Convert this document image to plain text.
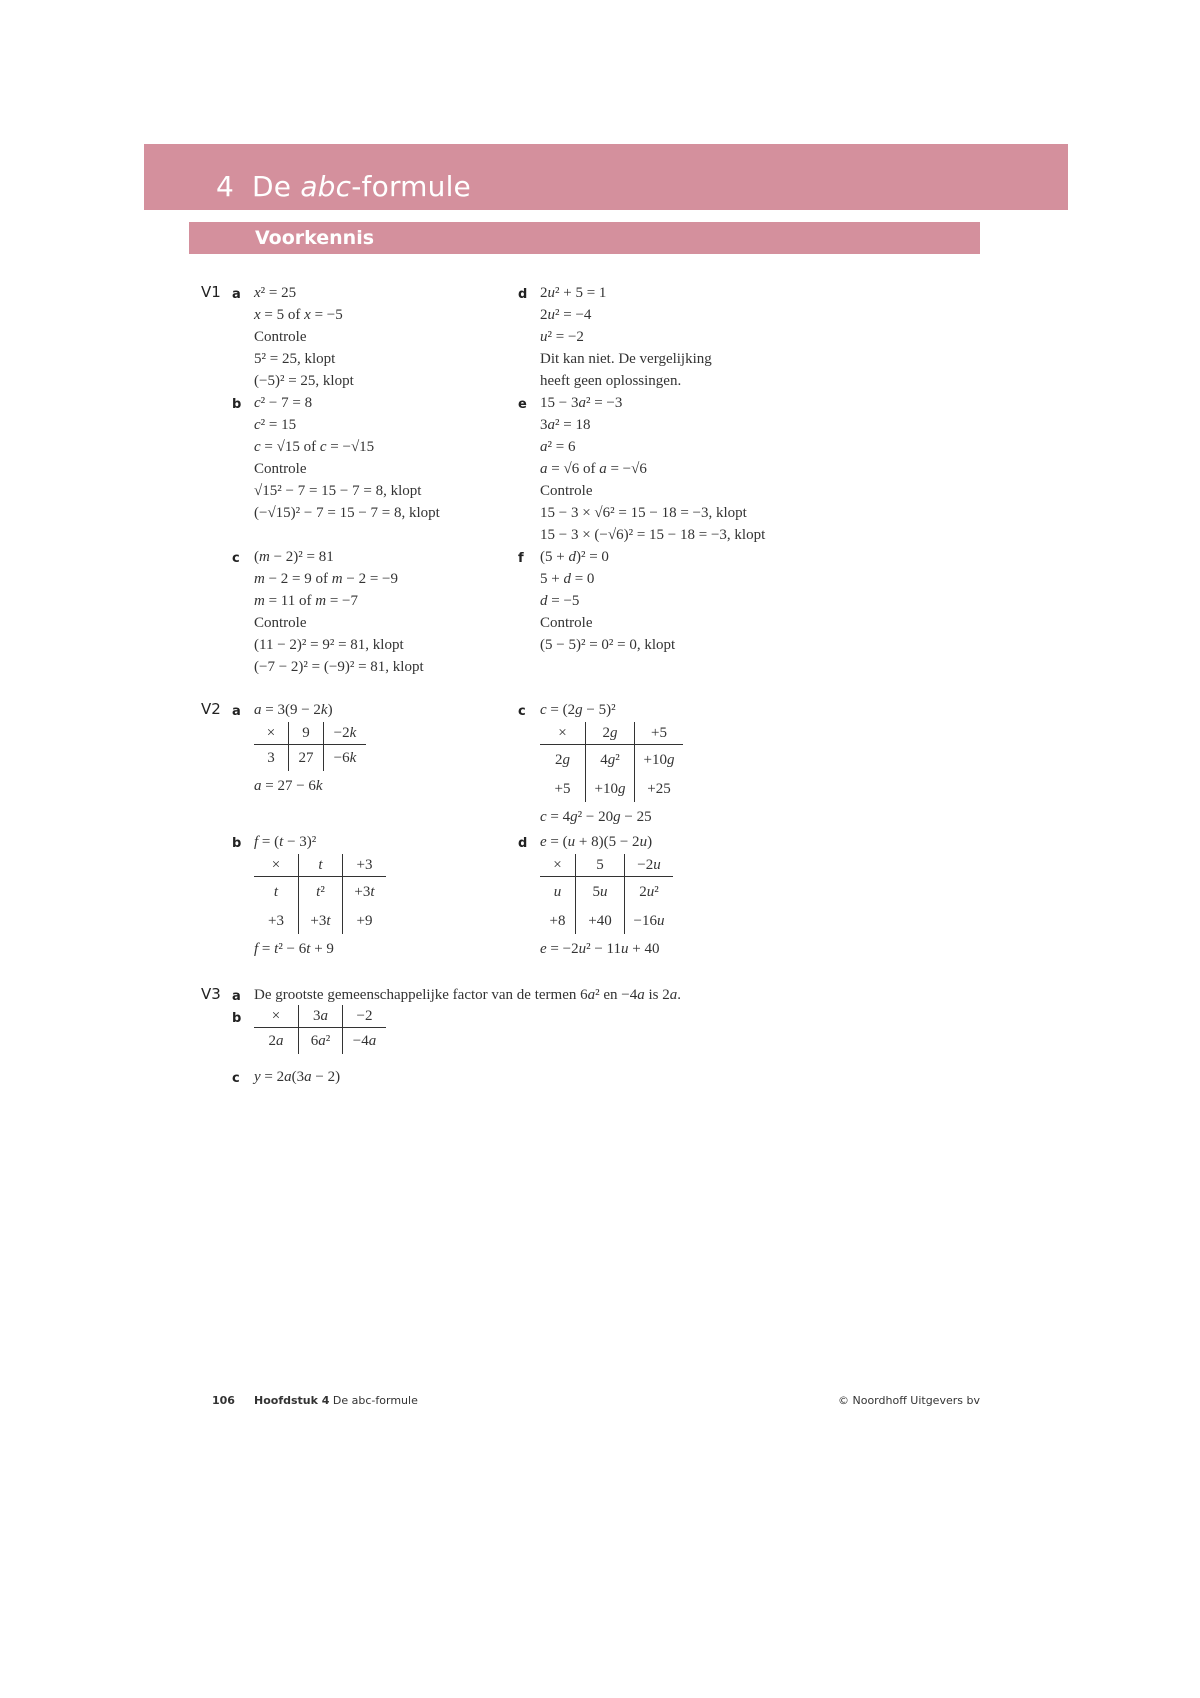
4 De abc-formule
Voorkennis
V1 a x² = 25
x = 5 of x = −5
Controle
5² = 25, klopt
(−5)² = 25, klopt
b c² − 7 = 8
c² = 15
c = √15 of c = −√15
Controle
√15² − 7 = 15 − 7 = 8, klopt
(−√15)² − 7 = 15 − 7 = 8, klopt
c (m − 2)² = 81
m − 2 = 9 of m − 2 = −9
m = 11 of m = −7
Controle
(11 − 2)² = 9² = 81, klopt
(−7 − 2)² = (−9)² = 81, klopt
d 2u² + 5 = 1
2u² = −4
u² = −2
Dit kan niet. De vergelijking
heeft geen oplossingen.
e 15 − 3a² = −3
3a² = 18
a² = 6
a = √6 of a = −√6
Controle
15 − 3 × √6² = 15 − 18 = −3, klopt
15 − 3 × (−√6)² = 15 − 18 = −3, klopt
f (5 + d)² = 0
5 + d = 0
d = −5
Controle
(5 − 5)² = 0² = 0, klopt
V2 a a = 3(9 − 2k)
×	9	−2k
3	27	−6k
a = 27 − 6k
b f = (t − 3)²
×	t	+3
t	t²	+3t
+3	+3t	+9
f = t² − 6t + 9
c c = (2g − 5)²
×	2g	+5
2g	4g²	+10g
+5	+10g	+25
c = 4g² − 20g − 25
d e = (u + 8)(5 − 2u)
×	5	−2u
u	5u	2u²
+8	+40	−16u
e = −2u² − 11u + 40
V3 a De grootste gemeenschappelijke factor van de termen 6a² en −4a is 2a.
b ×	3a	−2
2a	6a²	−4a
c y = 2a(3a − 2)
106 Hoofdstuk 4 De abc-formule	© Noordhoff Uitgevers bv
